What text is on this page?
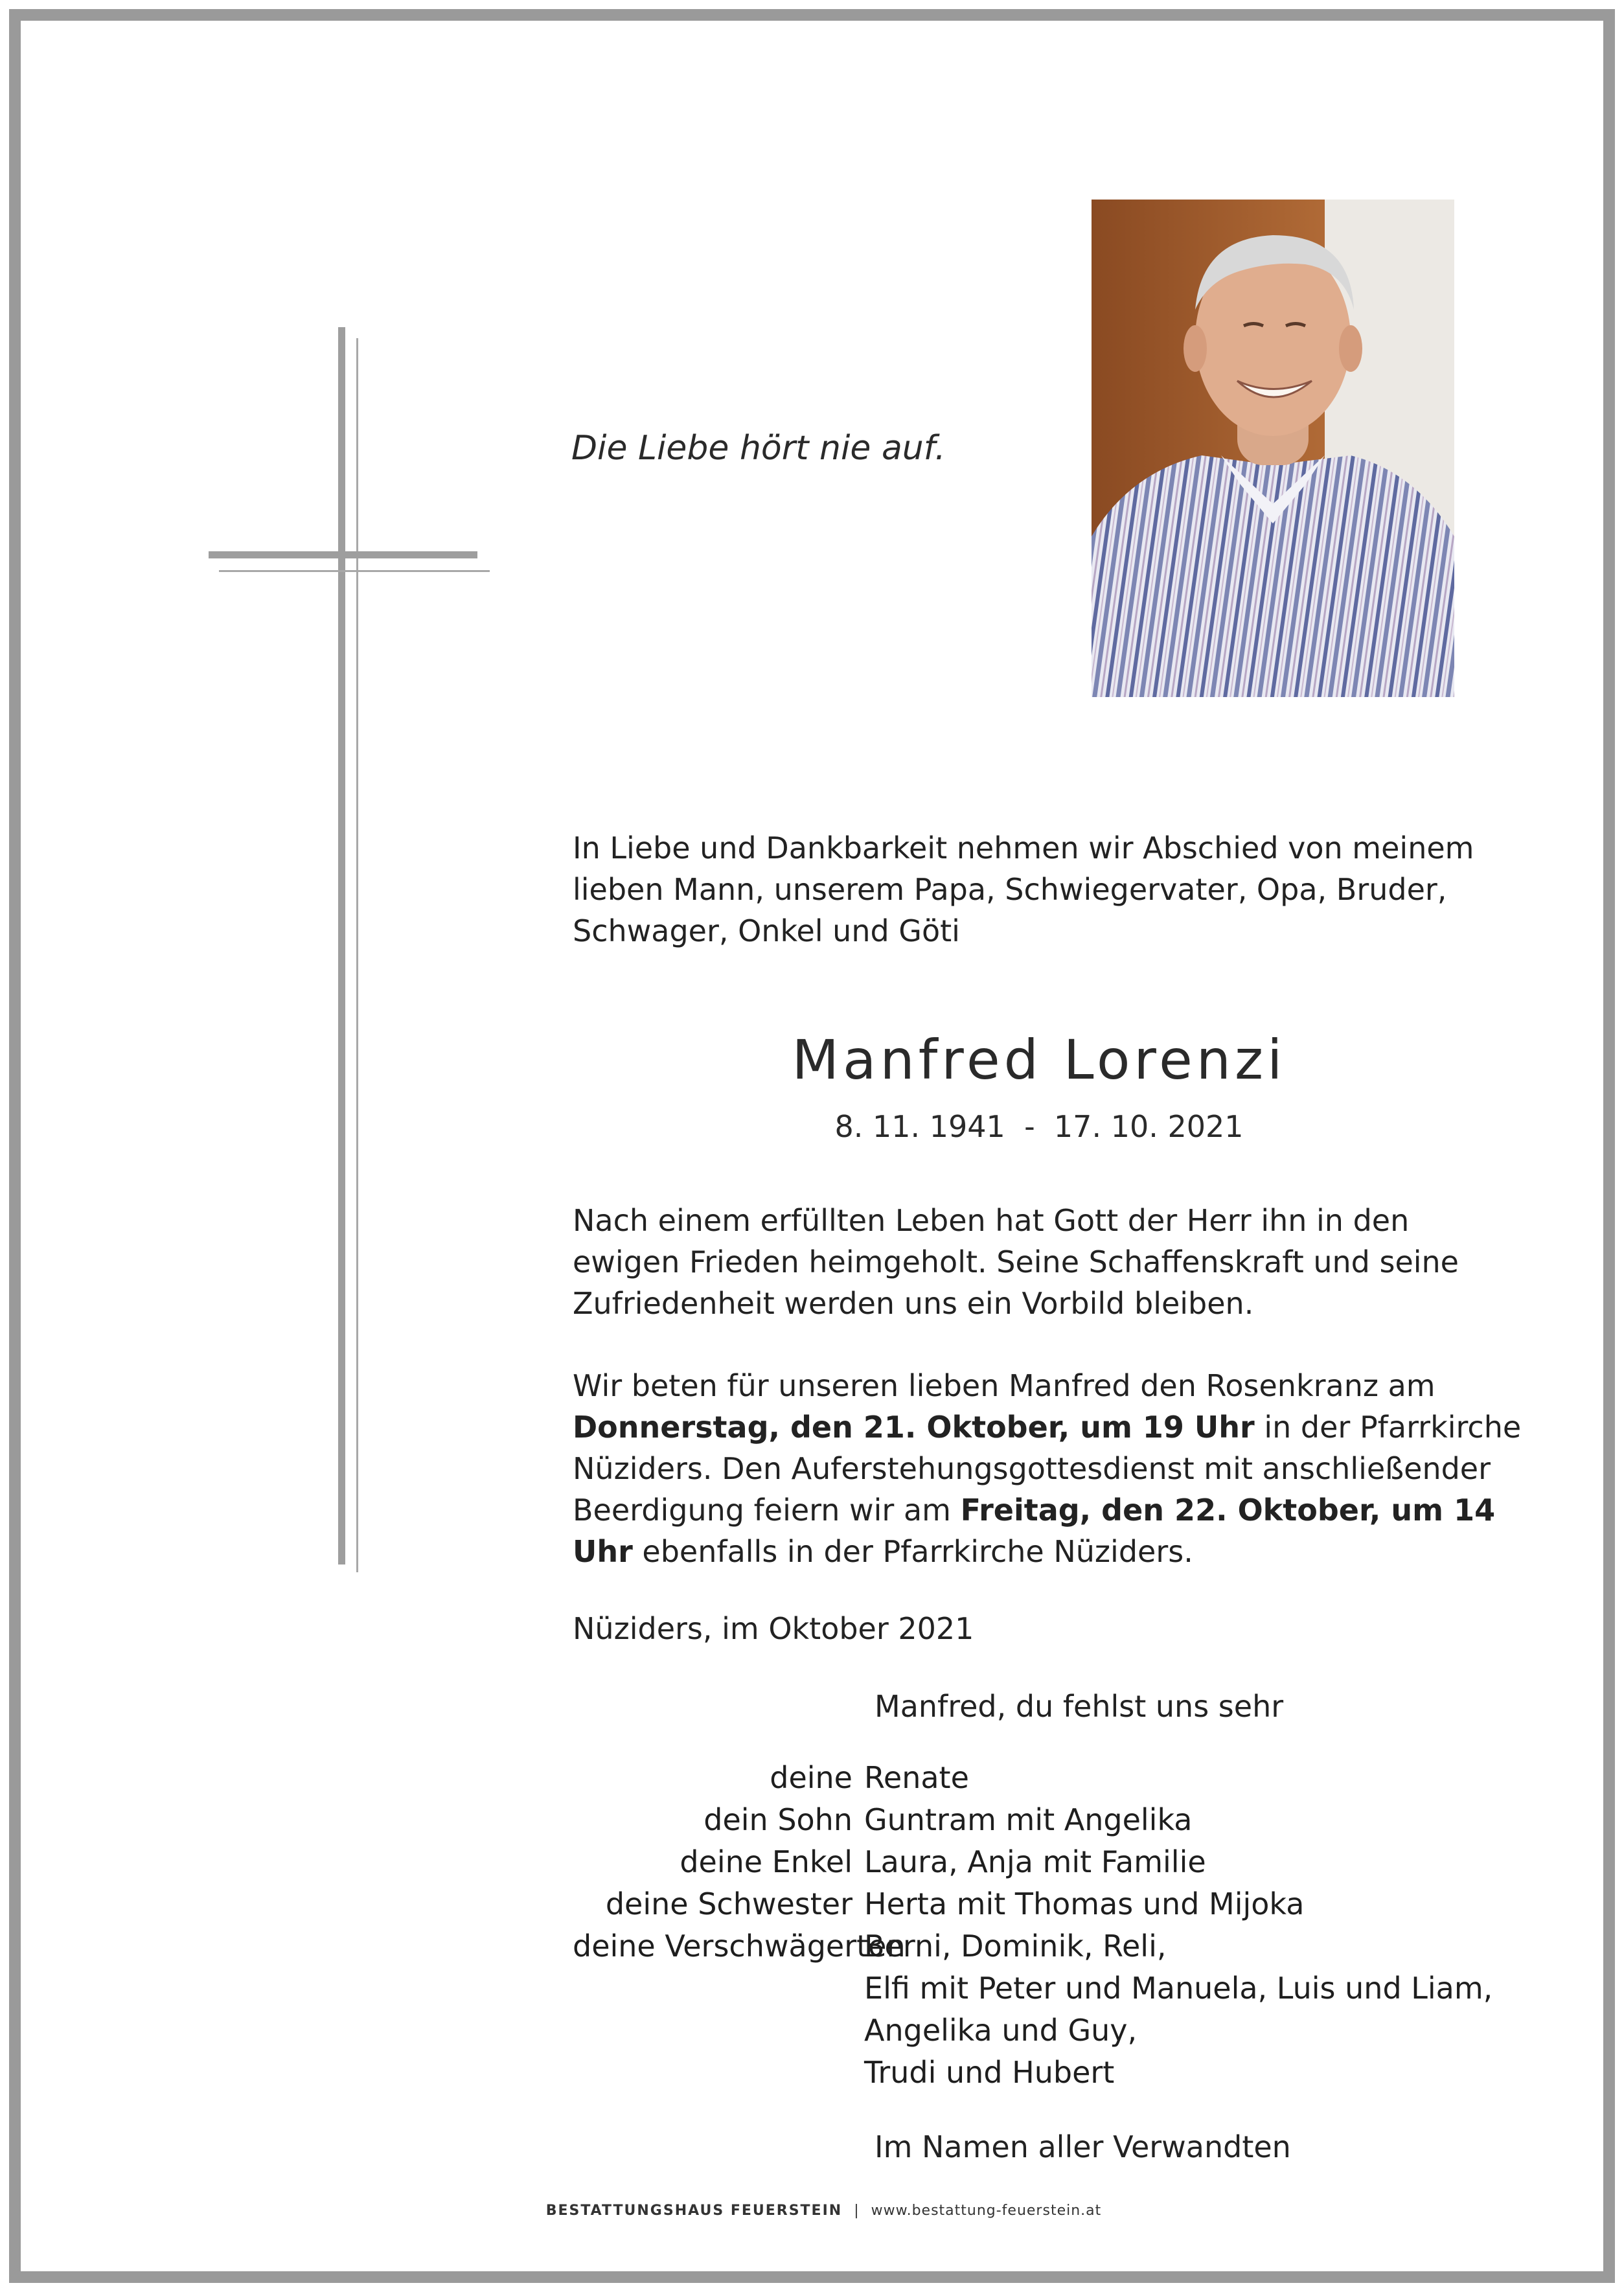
Die Liebe hört nie auf.
In Liebe und Dankbarkeit nehmen wir Abschied von meinem lieben Mann, unserem Papa, Schwiegervater, Opa, Bruder, Schwager, Onkel und Göti
Manfred Lorenzi
8. 11. 1941  -  17. 10. 2021
Nach einem erfüllten Leben hat Gott der Herr ihn in den ewigen Frieden heimgeholt. Seine Schaffenskraft und seine Zufriedenheit werden uns ein Vorbild bleiben.
Wir beten für unseren lieben Manfred den Rosenkranz am Donnerstag, den 21. Oktober, um 19 Uhr in der Pfarrkirche Nüziders. Den Auferstehungsgottesdienst mit anschließender Beerdigung feiern wir am Freitag, den 22. Oktober, um 14 Uhr ebenfalls in der Pfarrkirche Nüziders.
Nüziders, im Oktober 2021
Manfred, du fehlst uns sehr
deine Renate
dein Sohn Guntram mit Angelika
deine Enkel Laura, Anja mit Familie
deine Schwester Herta mit Thomas und Mijoka
deine Verschwägerten
Berni, Dominik, Reli,
Elfi mit Peter und Manuela, Luis und Liam,
Angelika und Guy,
Trudi und Hubert
Im Namen aller Verwandten
BESTATTUNGSHAUS FEUERSTEIN | www.bestattung-feuerstein.at
